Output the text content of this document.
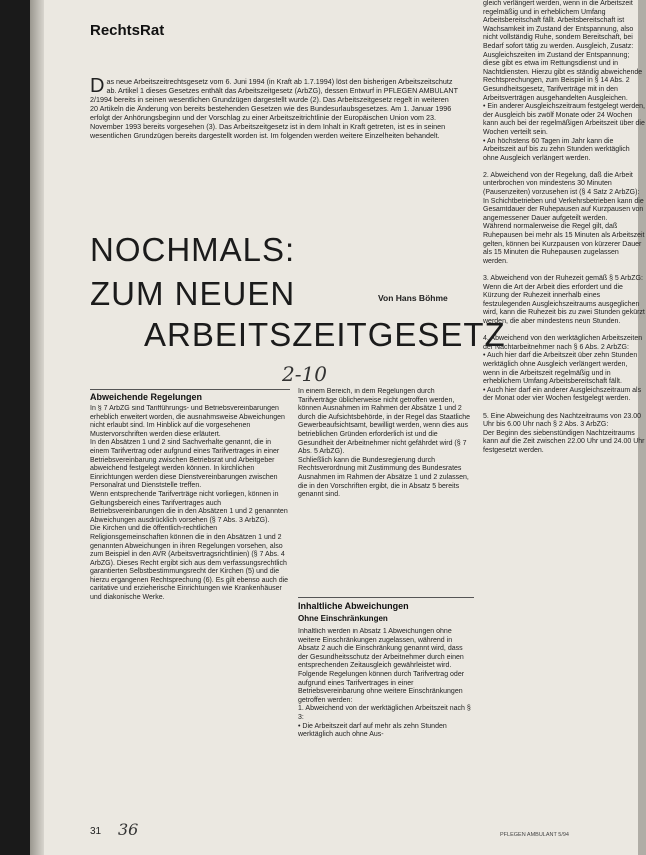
RechtsRat
Das neue Arbeitszeitrechtsgesetz vom 6. Juni 1994 (in Kraft ab 1.7.1994) löst den bisherigen Arbeitszeitschutz ab. Artikel 1 dieses Gesetzes enthält das Arbeitszeitgesetz (ArbZG), dessen Entwurf in PFLEGEN AMBULANT 2/1994 bereits in seinen wesentlichen Grundzügen dargestellt wurde (2). Das Arbeitszeitgesetz regelt in weiteren 20 Artikeln die Änderung von bereits bestehenden Gesetzen wie des Bundesurlaubsgesetzes. Am 1. Januar 1996 erfolgt der Anhörungsbeginn und der Vorschlag zu einer Arbeitszeitrichtlinie der Europäischen Union vom 23. November 1993 bereits vorgesehen (3). Das Arbeitszeitgesetz ist in dem Inhalt in Kraft getreten, ist es in seinen wesentlichen Grundzügen bereits dargestellt worden ist. Im folgenden werden weitere Einzelheiten behandelt.
NOCHMALS:
ZUM NEUEN
ARBEITSZEITGESETZ
Von Hans Böhme
2-10
Abweichende Regelungen
In § 7 ArbZG sind Tarifführungs- und Betriebsvereinbarungen erheblich erweitert worden, die ausnahmsweise Abweichungen nicht erlaubt sind. Im Hinblick auf die vorgesehenen Mustervorschriften werden diese erläutert.
In den Absätzen 1 und 2 sind Sachverhalte genannt, die in einem Tarifvertrag oder aufgrund eines Tarifvertrages in einer Betriebsvereinbarung zwischen Betriebsrat und Arbeitgeber abweichend festgelegt werden können. In kirchlichen Einrichtungen werden diese Dienstvereinbarungen zwischen Personalrat und Dienststelle treffen.
Wenn entsprechende Tarifverträge nicht vorliegen, können in Geltungsbereich eines Tarifvertrages auch Betriebsvereinbarungen die in den Absätzen 1 und 2 genannten Abweichungen ausdrücklich vorsehen (§ 7 Abs. 3 ArbZG).
Die Kirchen und die öffentlich-rechtlichen Religionsgemeinschaften können die in den Absätzen 1 und 2 genannten Abweichungen in ihren Regelungen vorsehen, also zum Beispiel in den AVR (Arbeitsvertragsrichtlinien) (§ 7 Abs. 4 ArbZG). Dieses Recht ergibt sich aus dem verfassungsrechtlich garantierten Selbstbestimmungsrecht der Kirchen (5) und die hierzu ergangenen Rechtsprechung (6). Es gilt ebenso auch die caritative und erzieherische Einrichtungen wie Krankenhäuser und diakonische Werke.
In einem Bereich, in dem Regelungen durch Tarifverträge üblicherweise nicht getroffen werden, können Ausnahmen im Rahmen der Absätze 1 und 2 durch die Aufsichtsbehörde, in der Regel das Staatliche Gewerbeaufsichtsamt, bewilligt werden, wenn dies aus betrieblichen Gründen erforderlich ist und die Gesundheit der Arbeitnehmer nicht gefährdet wird (§ 7 Abs. 5 ArbZG).
Schließlich kann die Bundesregierung durch Rechtsverordnung mit Zustimmung des Bundesrates Ausnahmen im Rahmen der Absätze 1 und 2 zulassen, die in den Vorschriften ergibt, die in Absatz 5 bereits genannt sind.
Inhaltliche Abweichungen
Ohne Einschränkungen
Inhaltlich werden in Absatz 1 Abweichungen ohne weitere Einschränkungen zugelassen, während in Absatz 2 auch die Einschränkung genannt wird, dass der Gesundheitsschutz der Arbeitnehmer durch einen entsprechenden Zeitausgleich gewährleistet wird.
Folgende Regelungen können durch Tarifvertrag oder aufgrund eines Tarifvertrages in einer Betriebsvereinbarung ohne weitere Einschränkungen getroffen werden:
1. Abweichend von der werktäglichen Arbeitszeit nach § 3:
• Die Arbeitszeit darf auf mehr als zehn Stunden werktäglich auch ohne Aus-
gleich verlängert werden, wenn in die Arbeitszeit regelmäßig und in erheblichem Umfang Arbeitsbereitschaft fällt. Arbeitsbereitschaft ist Wachsamkeit im Zustand der Entspannung, also nicht vollständig Ruhe, sondern Bereitschaft, bei Bedarf sofort tätig zu werden. Ausgleich, Zusatz: Ausgleichszeiten im Zustand der Entspannung; diese gibt es etwa im Rettungsdienst und in Nachtdiensten. Hierzu gibt es ständig abweichende Rechtsprechungen, zum Beispiel in § 14 Abs. 2 Gesundheitsgesetz, Tarifverträge mit in den Arbeitsverträgen ausgehandelten Ausgleichen.
• Ein anderer Ausgleichszeitraum festgelegt werden, der Ausgleich bis zwölf Monate oder 24 Wochen kann auch bei der regelmäßigen Arbeitszeit über die Wochen verteilt sein.
• An höchstens 60 Tagen im Jahr kann die Arbeitszeit auf bis zu zehn Stunden werktäglich ohne Ausgleich verlängert werden.

2. Abweichend von der Regelung, daß die Arbeit unterbrochen von mindestens 30 Minuten (Pausenzeiten) vorzusehen ist (§ 4 Satz 2 ArbZG):
In Schichtbetrieben und Verkehrsbetrieben kann die Gesamtdauer der Ruhepausen auf Kurzpausen von angemessener Dauer aufgeteilt werden.
Während normalerweise die Regel gilt, daß Ruhepausen bei mehr als 15 Minuten als Arbeitszeit gelten, können bei Kurzpausen von kürzerer Dauer als 15 Minuten die Ruhepausen zugelassen werden.

3. Abweichend von der Ruhezeit gemäß § 5 ArbZG:
Wenn die Art der Arbeit dies erfordert und die Kürzung der Ruhezeit innerhalb eines festzulegenden Ausgleichszeitraums ausgeglichen wird, kann die Ruhezeit bis zu zwei Stunden gekürzt werden, die aber mindestens neun Stunden.

4. Abweichend von den werktäglichen Arbeitszeiten der Nachtarbeitnehmer nach § 6 Abs. 2 ArbZG:
• Auch hier darf die Arbeitszeit über zehn Stunden werktäglich ohne Ausgleich verlängert werden, wenn in die Arbeitszeit regelmäßig und in erheblichem Umfang Arbeitsbereitschaft fällt.
• Auch hier darf ein anderer Ausgleichszeitraum als der Monat oder vier Wochen festgelegt werden.

5. Eine Abweichung des Nachtzeitraums von 23.00 Uhr bis 6.00 Uhr nach § 2 Abs. 3 ArbZG:
Der Beginn des siebenstündigen Nachtzeitraums kann auf die Zeit zwischen 22.00 Uhr und 24.00 Uhr festgesetzt werden.
31 36	PFLEGEN AMBULANT 5/94
